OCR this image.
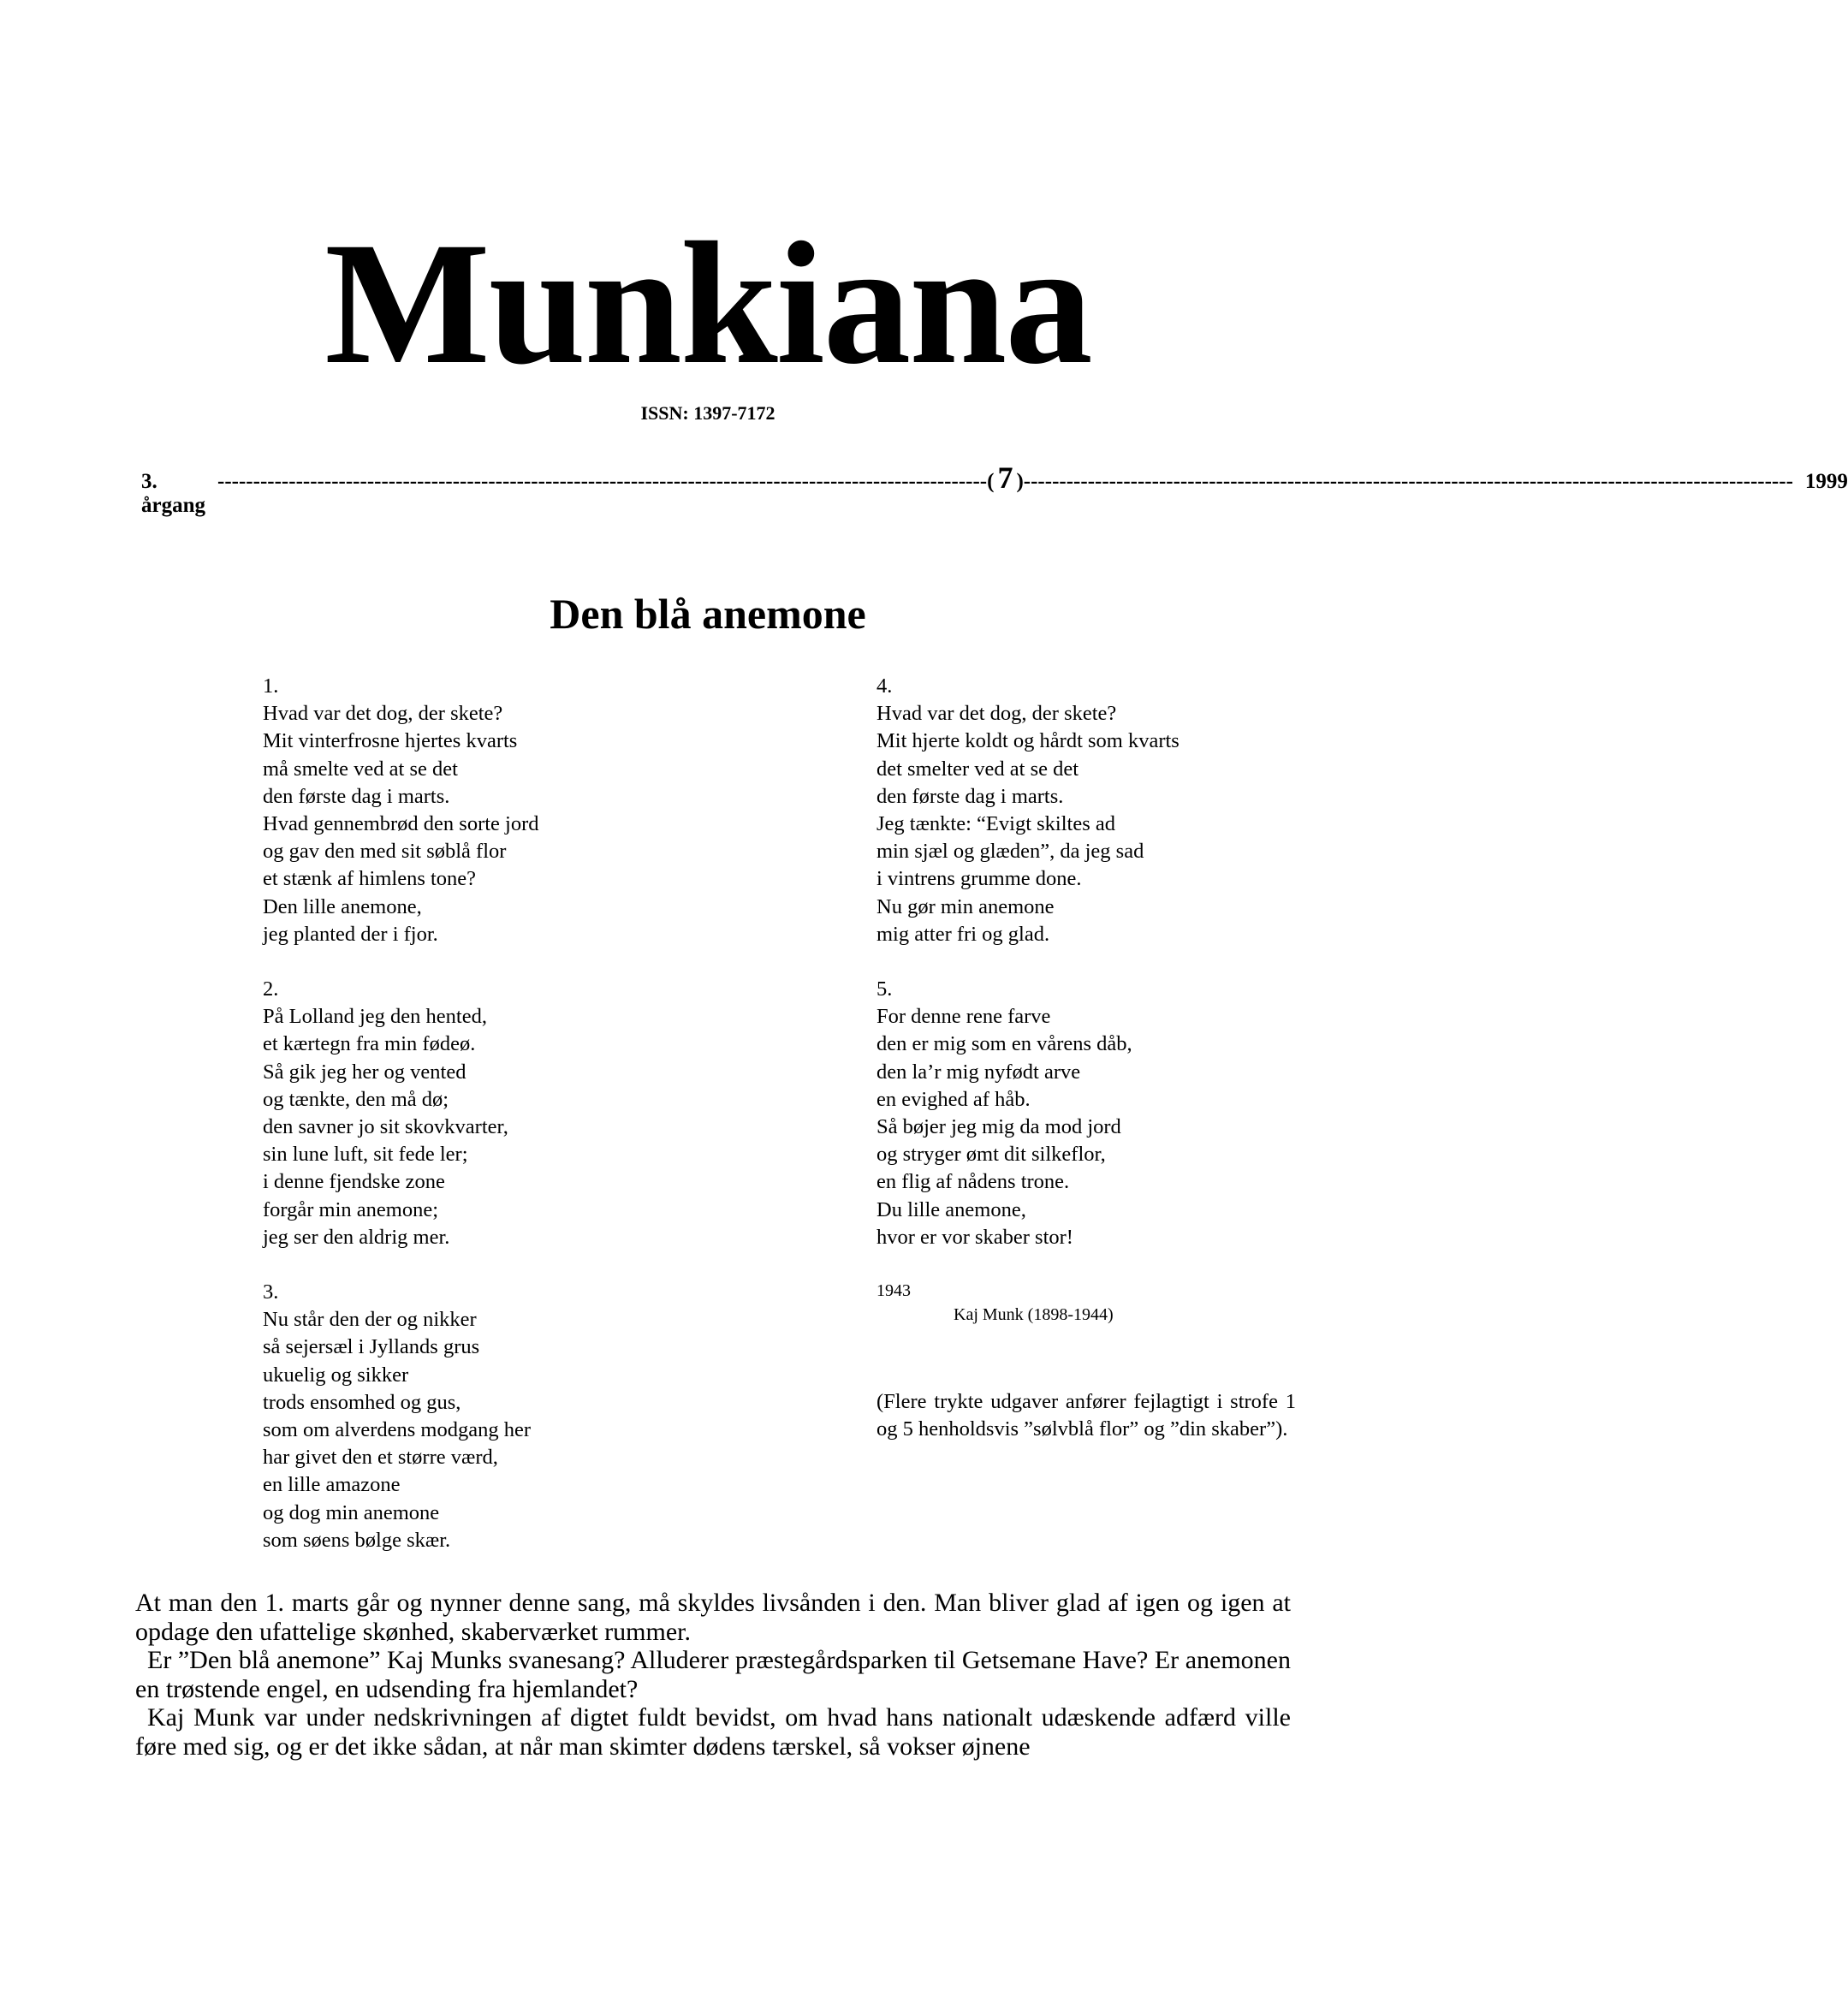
Munkiana
ISSN: 1397-7172
3. årgang
------------------------------------------------------------------------------------------------------------ ( 7 ) ------------------------------------------------------------------------------------------------------------ 1999
Den blå anemone
1.
Hvad var det dog, der skete?
Mit vinterfrosne hjertes kvarts
må smelte ved at se det
den første dag i marts.
Hvad gennembrød den sorte jord
og gav den med sit søblå flor
et stænk af himlens tone?
Den lille anemone,
jeg planted der i fjor.
2.
På Lolland jeg den hented,
et kærtegn fra min fødeø.
Så gik jeg her og vented
og tænkte, den må dø;
den savner jo sit skovkvarter,
sin lune luft, sit fede ler;
i denne fjendske zone
forgår min anemone;
jeg ser den aldrig mer.
3.
Nu står den der og nikker
så sejersæl i Jyllands grus
ukuelig og sikker
trods ensomhed og gus,
som om alverdens modgang her
har givet den et større værd,
en lille amazone
og dog min anemone
som søens bølge skær.
4.
Hvad var det dog, der skete?
Mit hjerte koldt og hårdt som kvarts
det smelter ved at se det
den første dag i marts.
Jeg tænkte: “Evigt skiltes ad
min sjæl og glæden”, da jeg sad
i vintrens grumme done.
Nu gør min anemone
mig atter fri og glad.
5.
For denne rene farve
den er mig som en vårens dåb,
den la’r mig nyfødt arve
en evighed af håb.
Så bøjer jeg mig da mod jord
og stryger ømt dit silkeflor,
en flig af nådens trone.
Du lille anemone,
hvor er vor skaber stor!
1943
Kaj Munk (1898-1944)
(Flere trykte udgaver anfører fejlagtigt i strofe 1 og 5 henholdsvis ”sølvblå flor” og ”din skaber”).

At man den 1. marts går og nynner denne sang, må skyldes livsånden i den. Man bliver glad af igen og igen at opdage den ufattelige skønhed, skaberværket rummer.

Er ”Den blå anemone” Kaj Munks svanesang? Alluderer præstegårdsparken til Getsemane Have? Er anemonen en trøstende engel, en udsending fra hjemlandet?

Kaj Munk var under nedskrivningen af digtet fuldt bevidst, om hvad hans nationalt udæskende adfærd ville føre med sig, og er det ikke sådan, at når man skimter dødens tærskel, så vokser øjnene
